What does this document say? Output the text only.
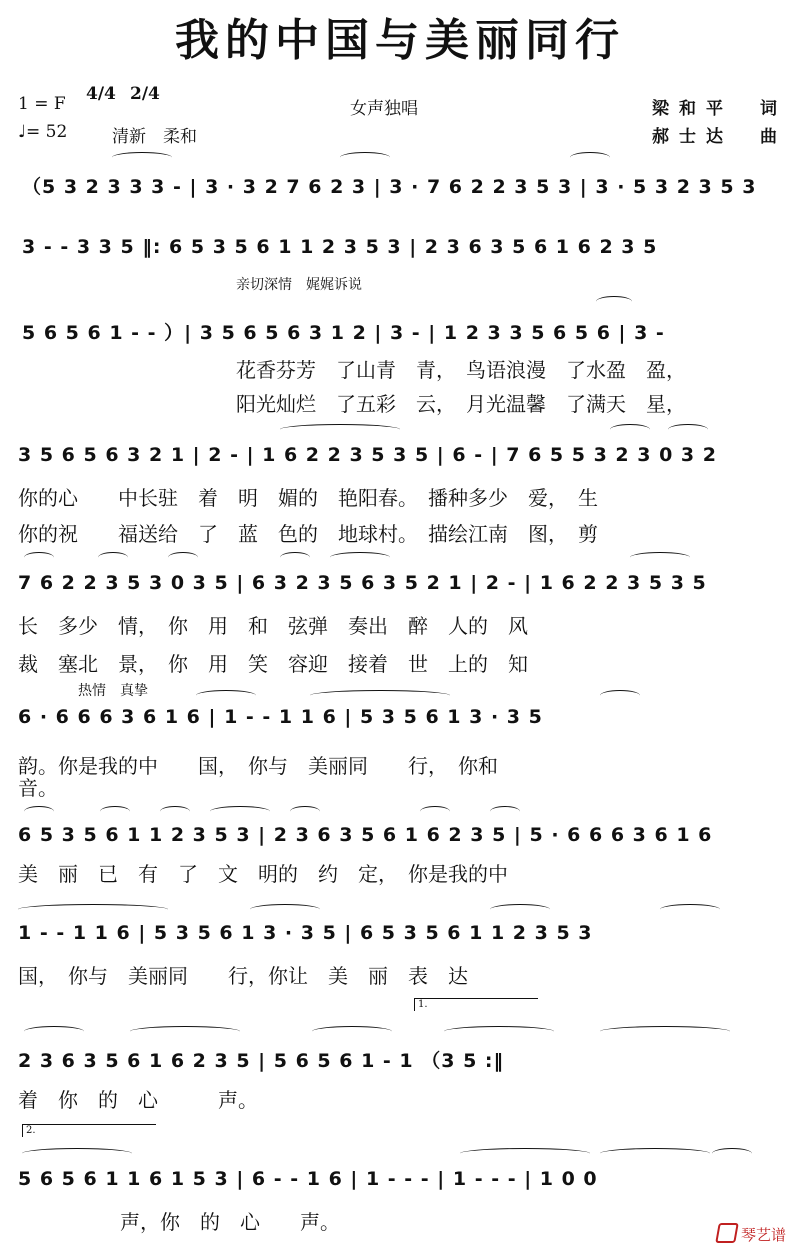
我的中国与美丽同行
1 = F 4/4 2/4
女声独唱	梁和平　词
♩= 52	清新　柔和	郝士达　曲
（5 3 2 3 3 3 - | 3 · 3 2 7 6 2 3 | 3 · 7 6 2 2 3 5 3 | 3 · 5 3 2 3 5 3
3 - - 3 3 5 ‖: 6 5 3 5 6 1 1 2 3 5 3 | 2 3 6 3 5 6 1 6 2 3 5
亲切深情　娓娓诉说
5 6 5 6 1 - - ）| 3 5 6 5 6 3 1 2 | 3 - | 1 2 3 3 5 6 5 6 | 3 -
花香芬芳　了山青　青，　鸟语浪漫　了水盈　盈，
阳光灿烂　了五彩　云，　月光温馨　了满天　星，
3 5 6 5 6 3 2 1 | 2 - | 1 6 2 2 3 5 3 5 | 6 - | 7 6 5 5 3 2 3 0 3 2
你的心　　中长驻　着　明　媚的　艳阳春。　播种多少　爱，　生
你的祝　　福送给　了　蓝　色的　地球村。　描绘江南　图，　剪
7 6 2 2 3 5 3 0 3 5 | 6 3 2 3 5 6 3 5 2 1 | 2 - | 1 6 2 2 3 5 3 5
长　多少　情，　你　用　和　弦弹　奏出　醉　人的　风
裁　塞北　景，　你　用　笑　容迎　接着　世　上的　知
热情　真挚
6 · 6 6 6 3 6 1 6 | 1 - - 1 1 6 | 5 3 5 6 1 3 · 3 5
韵。你是我的中　　国，　你与　美丽同　　行，　你和
音。
6 5 3 5 6 1 1 2 3 5 3 | 2 3 6 3 5 6 1 6 2 3 5 | 5 · 6 6 6 3 6 1 6
美　丽　已　有　了　文　明的　约　定，　你是我的中
1 - - 1 1 6 | 5 3 5 6 1 3 · 3 5 | 6 5 3 5 6 1 1 2 3 5 3
国，　你与　美丽同　　行，你让　美　丽　表　达
1.
2 3 6 3 5 6 1 6 2 3 5 | 5 6 5 6 1 - 1 （3 5 :‖
着　你　的　心　　　声。
2.
5 6 5 6 1 1 6 1 5 3 | 6 - - 1 6 | 1 - - - | 1 - - - | 1 0 0
声，你　的　心　　声。
琴艺谱
